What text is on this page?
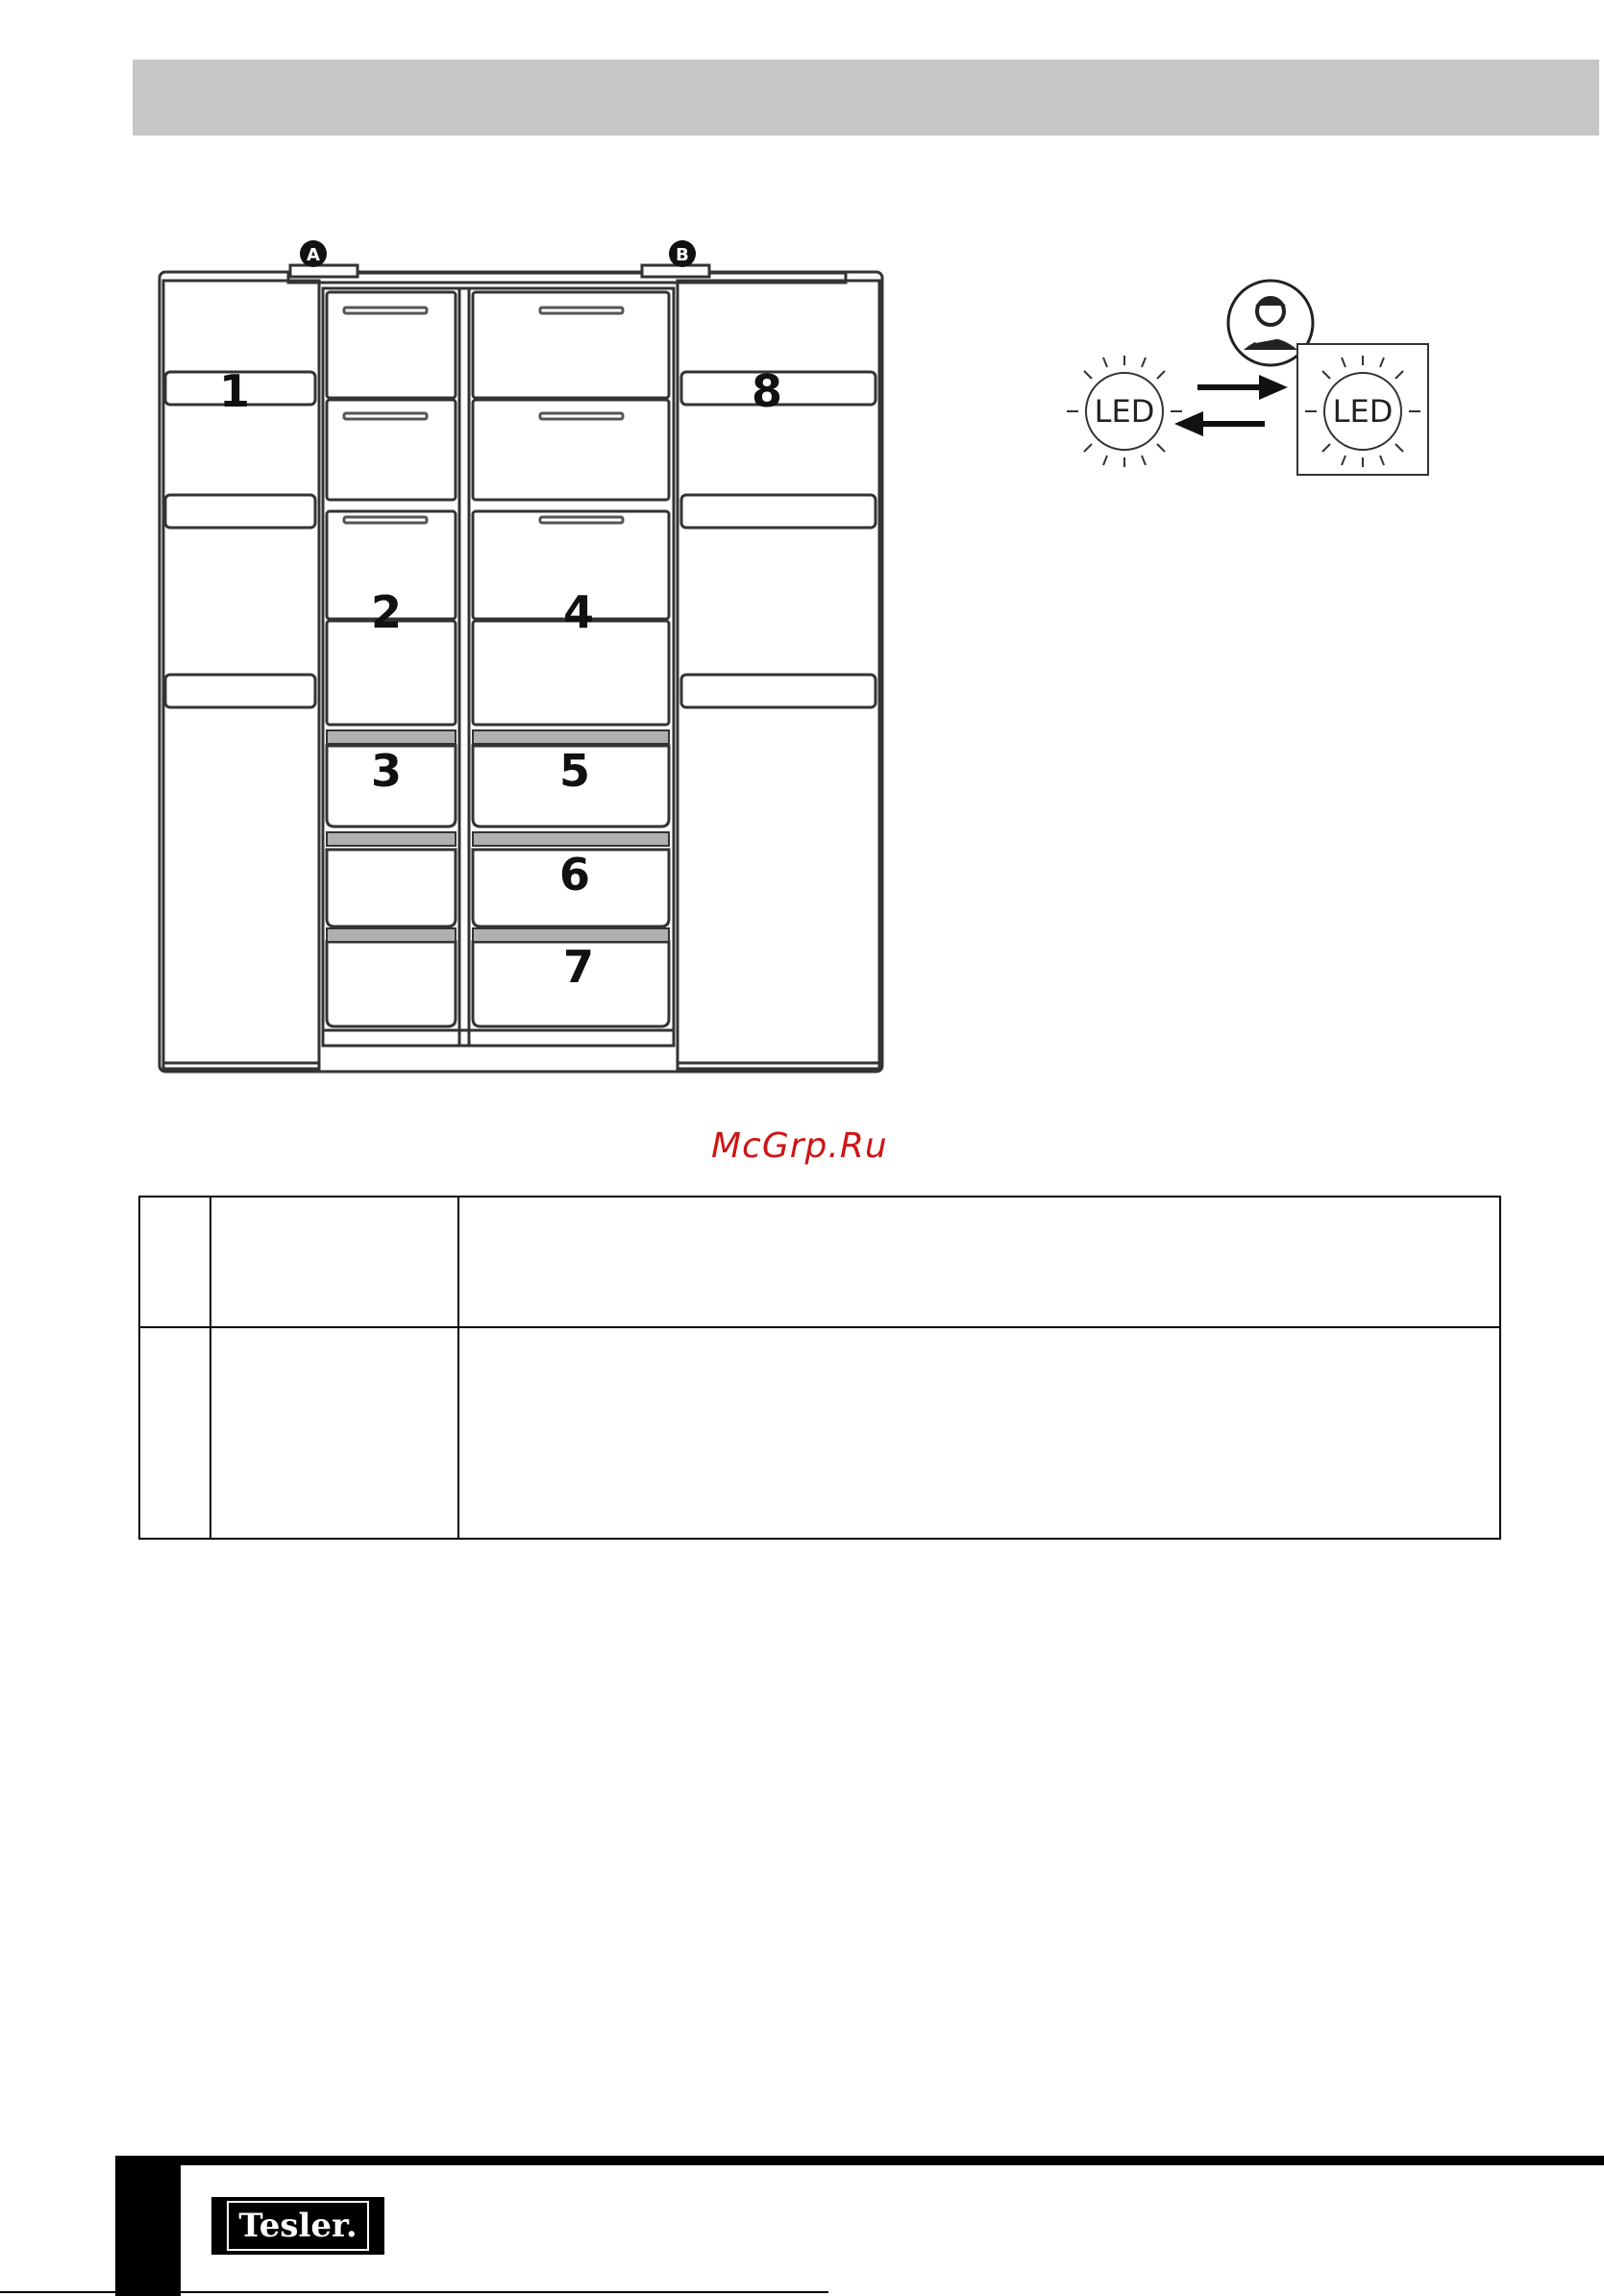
A	B
1
2
3
4
5
6
7
8	LED	LED
McGrp.Ru

Tesler.
